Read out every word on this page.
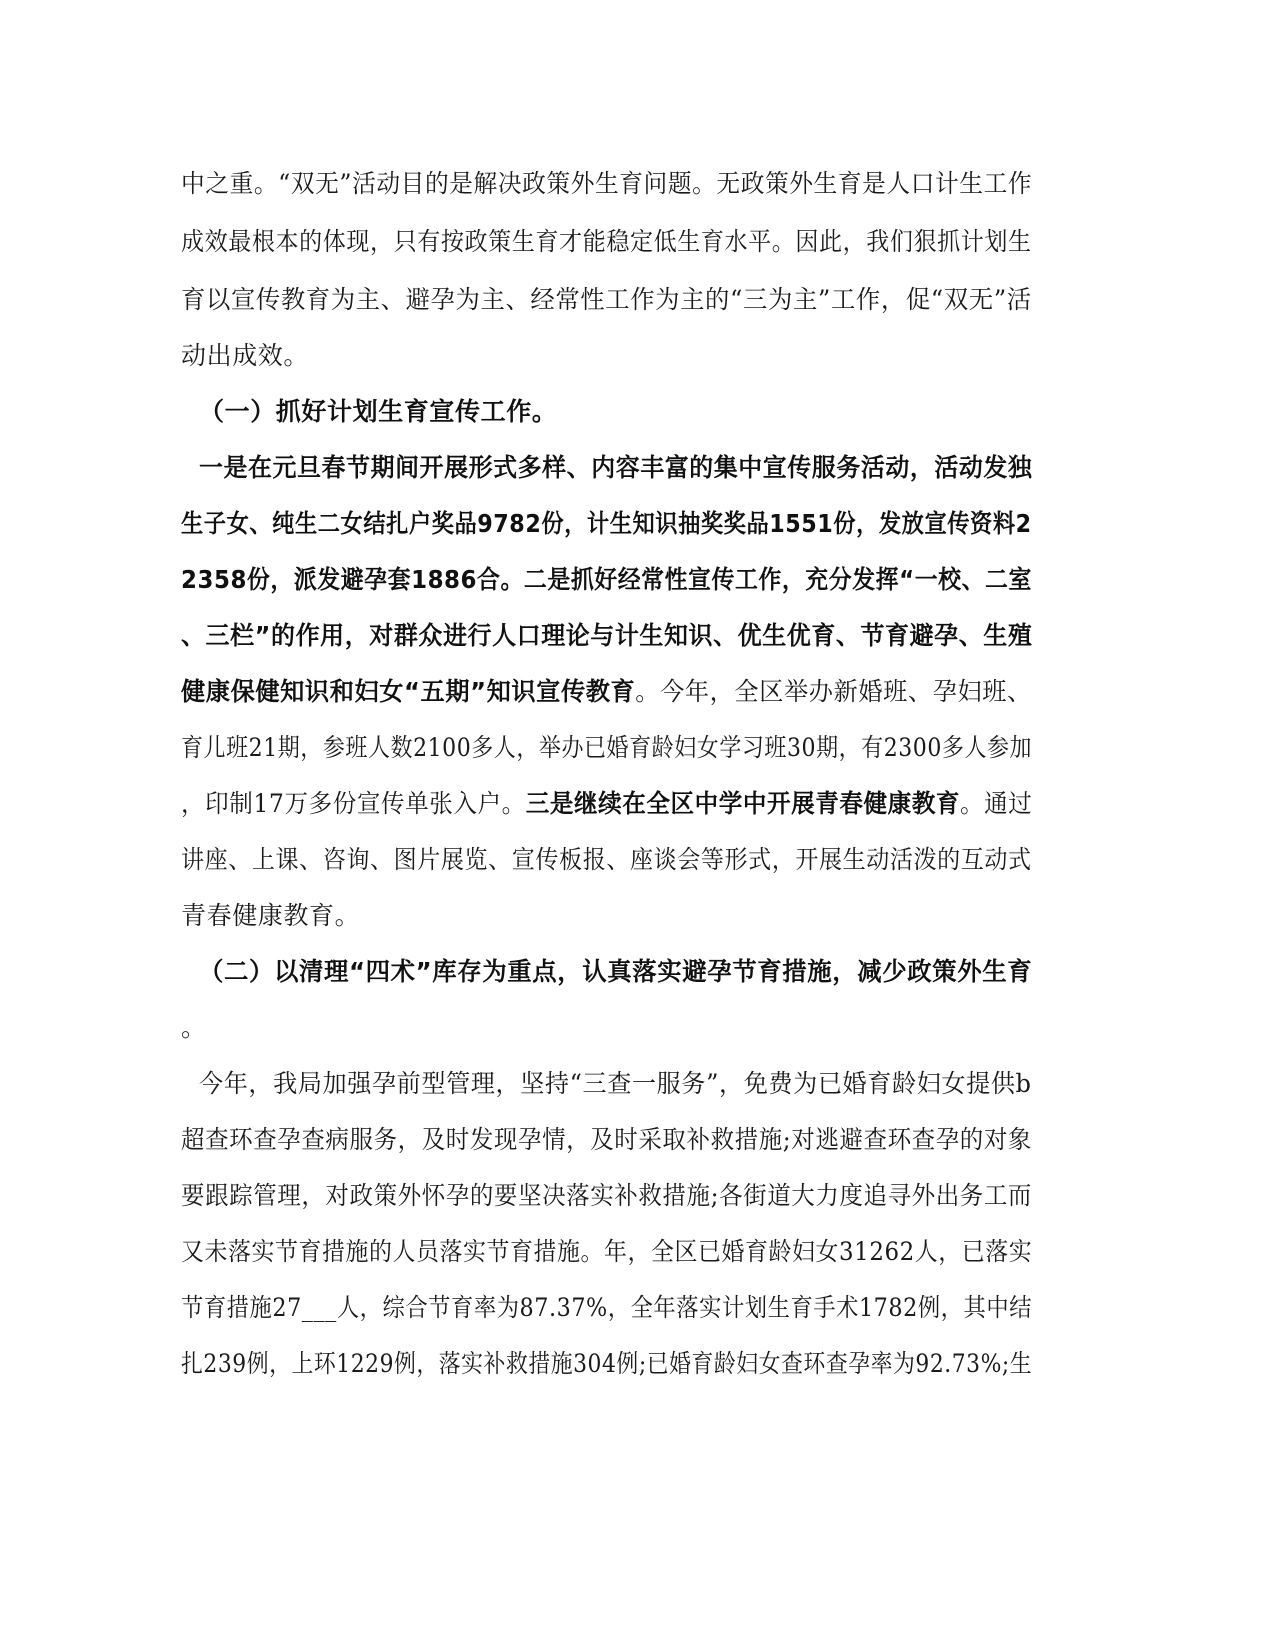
中之重。“双无”活动目的是解决政策外生育问题。无政策外生育是人口计生工作
成效最根本的体现，只有按政策生育才能稳定低生育水平。因此，我们狠抓计划生
育以宣传教育为主、避孕为主、经常性工作为主的“三为主”工作，促“双无”活
动出成效。
（一）抓好计划生育宣传工作。
一是在元旦春节期间开展形式多样、内容丰富的集中宣传服务活动，活动发独
生子女、纯生二女结扎户奖品9782份，计生知识抽奖奖品1551份，发放宣传资料2
2358份，派发避孕套1886合。二是抓好经常性宣传工作，充分发挥“一校、二室
、三栏”的作用，对群众进行人口理论与计生知识、优生优育、节育避孕、生殖
健康保健知识和妇女“五期”知识宣传教育。今年，全区举办新婚班、孕妇班、
育儿班21期，参班人数2100多人，举办已婚育龄妇女学习班30期，有2300多人参加
，印制17万多份宣传单张入户。三是继续在全区中学中开展青春健康教育。通过
讲座、上课、咨询、图片展览、宣传板报、座谈会等形式，开展生动活泼的互动式
青春健康教育。
（二）以清理“四术”库存为重点，认真落实避孕节育措施，减少政策外生育
。
今年，我局加强孕前型管理，坚持“三查一服务”，免费为已婚育龄妇女提供b
超查环查孕查病服务，及时发现孕情，及时采取补救措施;对逃避查环查孕的对象
要跟踪管理，对政策外怀孕的要坚决落实补救措施;各街道大力度追寻外出务工而
又未落实节育措施的人员落实节育措施。年，全区已婚育龄妇女31262人，已落实
节育措施27___人，综合节育率为87.37%，全年落实计划生育手术1782例，其中结
扎239例，上环1229例，落实补救措施304例;已婚育龄妇女查环查孕率为92.73%;生
